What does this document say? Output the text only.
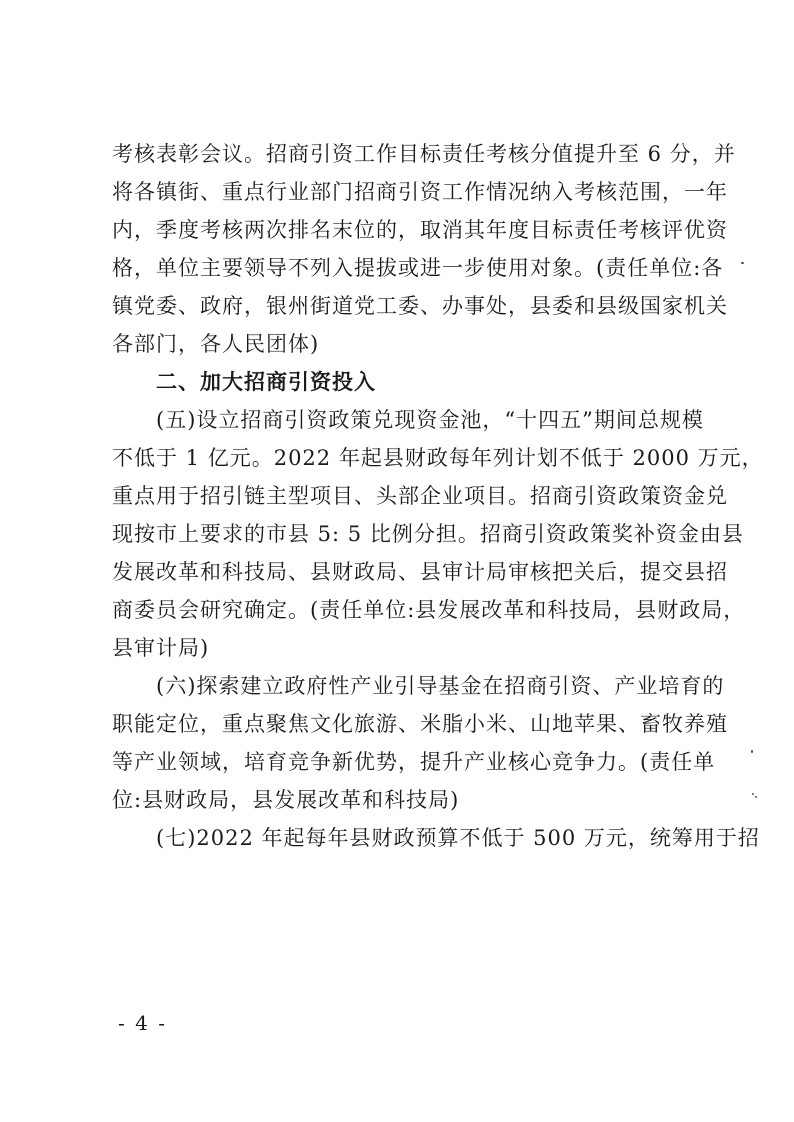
考核表彰会议。招商引资工作目标责任考核分值提升至 6 分，并
将各镇街、重点行业部门招商引资工作情况纳入考核范围，一年
内，季度考核两次排名末位的，取消其年度目标责任考核评优资
格，单位主要领导不列入提拔或进一步使用对象。(责任单位:各
镇党委、政府，银州街道党工委、办事处，县委和县级国家机关
各部门，各人民团体)
二、加大招商引资投入
(五)设立招商引资政策兑现资金池，“十四五”期间总规模
不低于 1 亿元。2022 年起县财政每年列计划不低于 2000 万元，
重点用于招引链主型项目、头部企业项目。招商引资政策资金兑
现按市上要求的市县 5: 5 比例分担。招商引资政策奖补资金由县
发展改革和科技局、县财政局、县审计局审核把关后，提交县招
商委员会研究确定。(责任单位:县发展改革和科技局，县财政局，
县审计局)
(六)探索建立政府性产业引导基金在招商引资、产业培育的
职能定位，重点聚焦文化旅游、米脂小米、山地苹果、畜牧养殖
等产业领域，培育竞争新优势，提升产业核心竞争力。(责任单
位:县财政局，县发展改革和科技局)
(七)2022 年起每年县财政预算不低于 500 万元，统筹用于招
- 4 -
